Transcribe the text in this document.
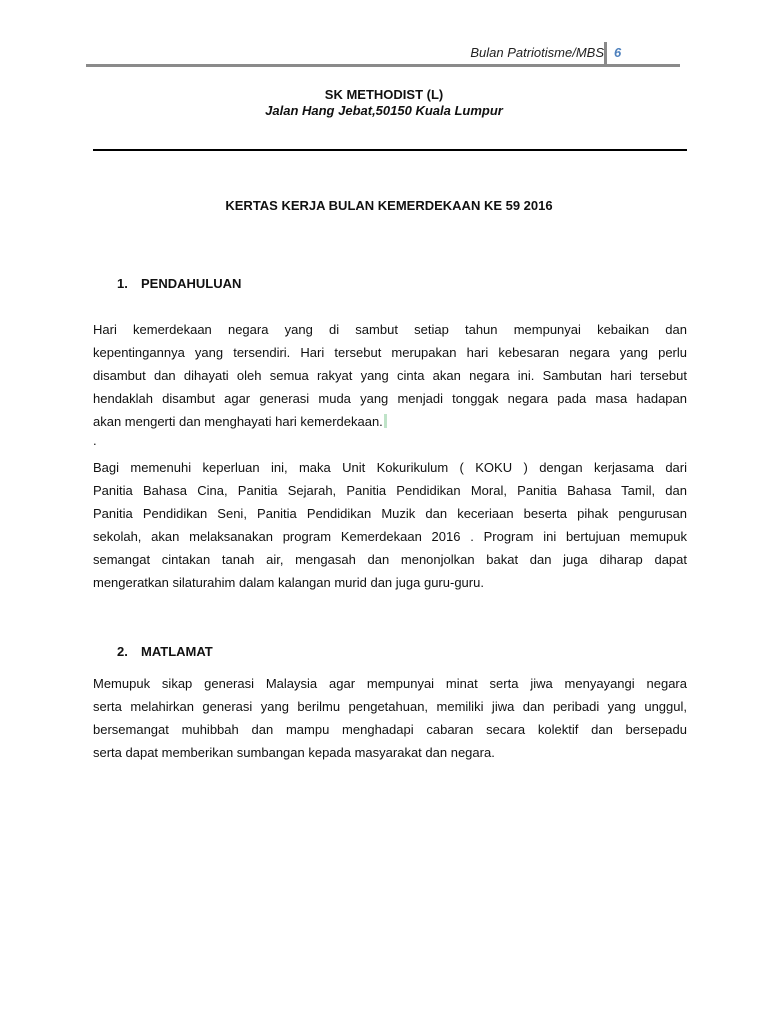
Bulan Patriotisme/MBS 6
SK METHODIST (L)
Jalan Hang Jebat,50150 Kuala Lumpur
KERTAS KERJA BULAN KEMERDEKAAN KE 59 2016
1. PENDAHULUAN
Hari kemerdekaan negara yang di sambut setiap tahun mempunyai kebaikan dan
kepentingannya yang tersendiri. Hari tersebut merupakan hari kebesaran negara yang perlu
disambut dan dihayati oleh semua rakyat yang cinta akan negara ini. Sambutan hari tersebut
hendaklah disambut agar generasi muda yang menjadi tonggak negara pada masa hadapan
akan mengerti dan menghayati hari kemerdekaan.
.
Bagi memenuhi keperluan ini, maka Unit Kokurikulum ( KOKU ) dengan kerjasama dari
Panitia Bahasa Cina, Panitia Sejarah, Panitia Pendidikan Moral, Panitia Bahasa Tamil, dan
Panitia Pendidikan Seni, Panitia Pendidikan Muzik dan keceriaan beserta pihak pengurusan
sekolah, akan melaksanakan program Kemerdekaan 2016 . Program ini bertujuan memupuk
semangat cintakan tanah air, mengasah dan menonjolkan bakat dan juga diharap dapat
mengeratkan silaturahim dalam kalangan murid dan juga guru-guru.
2. MATLAMAT
Memupuk sikap generasi Malaysia agar mempunyai minat serta jiwa menyayangi negara
serta melahirkan generasi yang berilmu pengetahuan, memiliki jiwa dan peribadi yang unggul,
bersemangat muhibbah dan mampu menghadapi cabaran secara kolektif dan bersepadu
serta dapat memberikan sumbangan kepada masyarakat dan negara.
